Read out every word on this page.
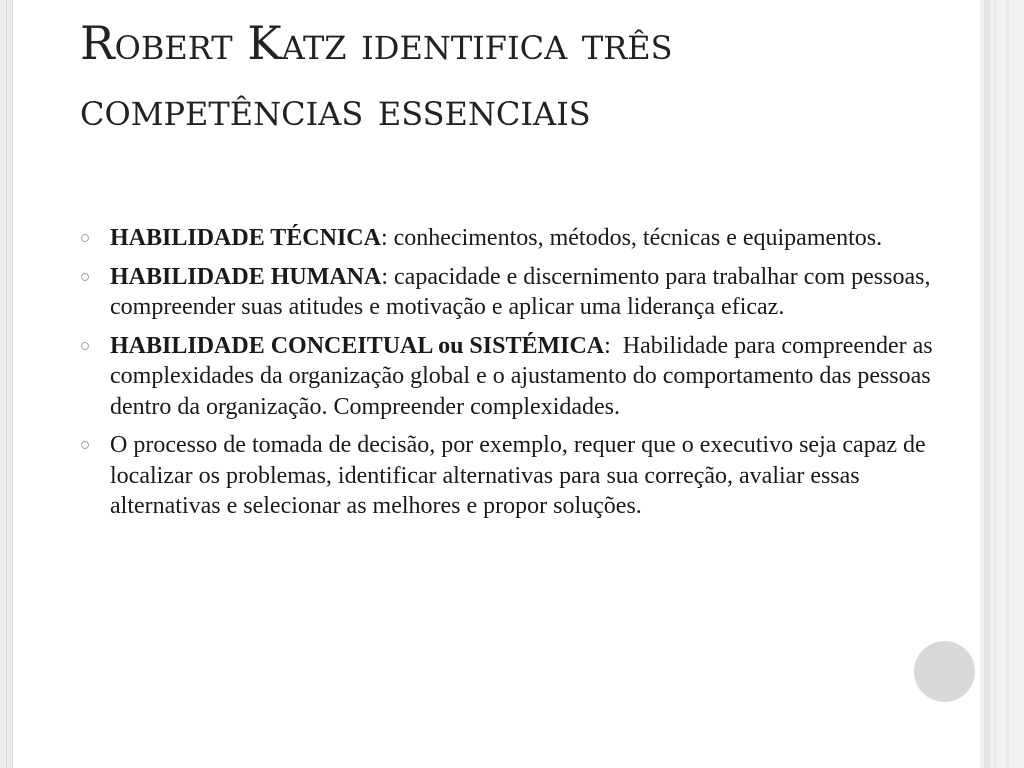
Robert Katz identifica três competências essenciais
HABILIDADE TÉCNICA: conhecimentos, métodos, técnicas e equipamentos.
HABILIDADE HUMANA: capacidade e discernimento para trabalhar com pessoas, compreender suas atitudes e motivação e aplicar uma liderança eficaz.
HABILIDADE CONCEITUAL ou SISTÉMICA:  Habilidade para compreender as complexidades da organização global e o ajustamento do comportamento das pessoas dentro da organização. Compreender complexidades.
O processo de tomada de decisão, por exemplo, requer que o executivo seja capaz de localizar os problemas, identificar alternativas para sua correção, avaliar essas alternativas e selecionar as melhores e propor soluções.
